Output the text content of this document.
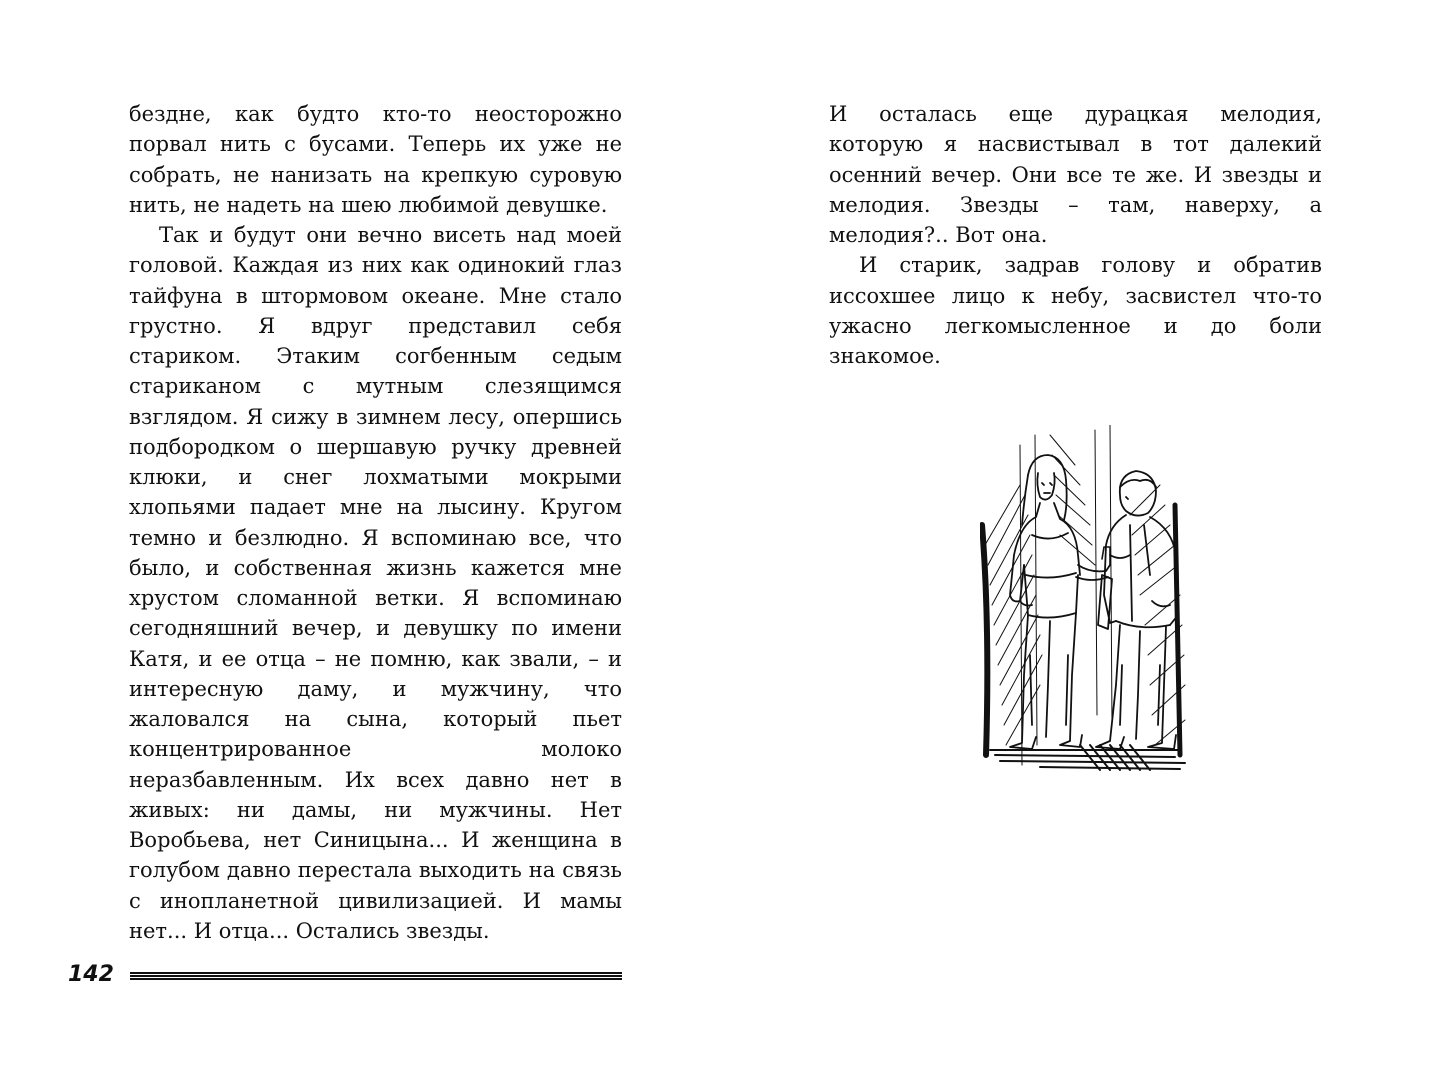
безднe, как будто кто-то неосторожно порвал нить с бусами. Теперь их уже не собрать, не нанизать на крепкую суровую нить, не надеть на шею любимой девушке.

Так и будут они вечно висеть над моей головой. Каждая из них как одинокий глаз тайфуна в штормовом океане. Мне стало грустно. Я вдруг представил себя стариком. Этаким согбенным седым старикaном с мутным слезящимся взглядом. Я сижу в зимнем лесу, опершись подбородком о шершавую ручку древней клюки, и снег лохматыми мокрыми хлопьями падает мне на лысину. Кругом темно и безлюдно. Я вспоминаю все, что было, и собственная жизнь кажется мне хрустом сломанной ветки. Я вспоминаю сегодняшний вечер, и девушку по имени Катя, и ее отца – не помню, как звали, – и интересную даму, и мужчину, что жаловался на сына, который пьет концентрированное молоко неразбавленным. Их всех давно нет в живых: ни дамы, ни мужчины. Нет Воробьева, нет Синицына... И женщина в голубом давно перестала выходить на связь с инопланетной цивилизацией. И мамы нет... И отца... Остались звезды.

142

И осталась еще дурацкая мелодия, которую я насвистывал в тот далекий осенний вечер. Они все те же. И звезды и мелодия. Звезды – там, наверху, а мелодия?.. Вот она.

И старик, задрав голову и обратив иссохшее лицо к небу, засвистел что-то ужасно легкомысленное и до боли знакомое.
